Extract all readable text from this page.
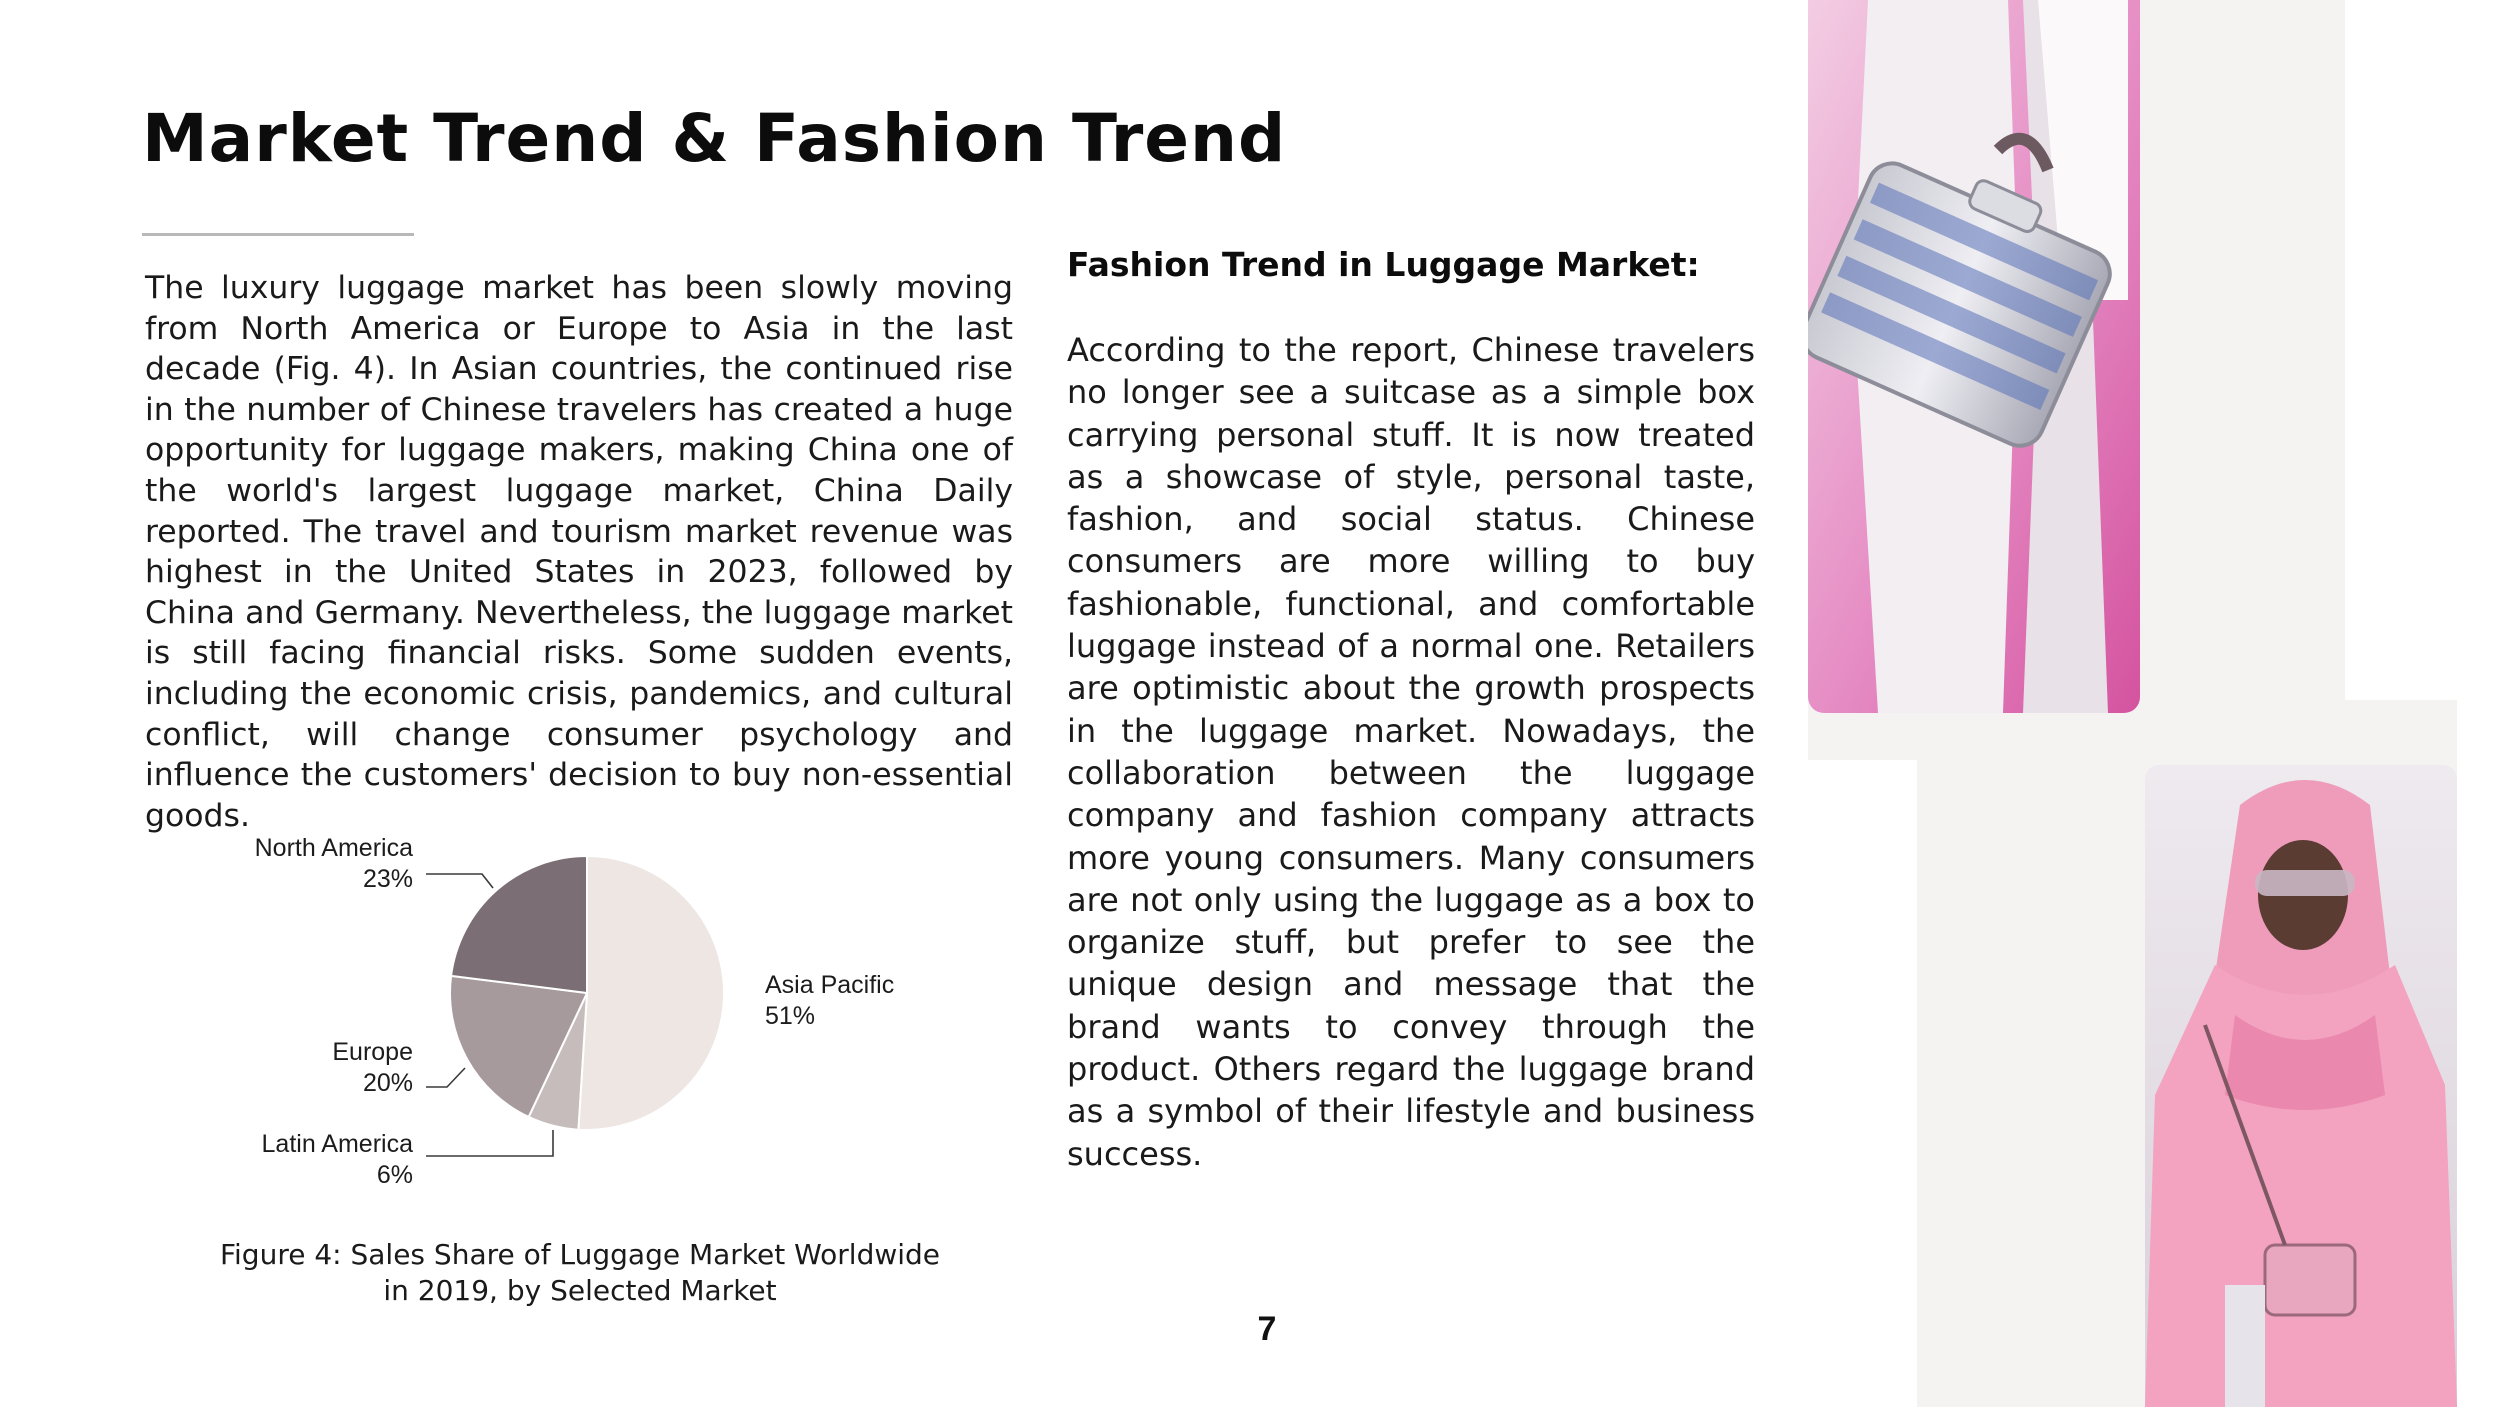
Market Trend & Fashion Trend

The luxury luggage market has been slowly moving from North America or Europe to Asia in the last decade (Fig. 4). In Asian countries, the continued rise in the number of Chinese travelers has created a huge opportunity for luggage makers, making China one of the world's largest luggage market, China Daily reported. The travel and tourism market revenue was highest in the United States in 2023, followed by China and Germany. Nevertheless, the luggage market is still facing financial risks. Some sudden events, including the economic crisis, pandemics, and cultural conflict, will change consumer psychology and influence the customers' decision to buy non-essential goods.

Asia Pacific 51%
Latin America 6%
Europe 20%
North America 23%

Figure 4: Sales Share of Luggage Market Worldwide
in 2019, by Selected Market

Fashion Trend in Luggage Market:

According to the report, Chinese travelers no longer see a suitcase as a simple box carrying personal stuff. It is now treated as a showcase of style, personal taste, fashion, and social status. Chinese consumers are more willing to buy fashionable, functional, and comfortable luggage instead of a normal one. Retailers are optimistic about the growth prospects in the luggage market. Nowadays, the collaboration between the luggage company and fashion company attracts more young consumers. Many consumers are not only using the luggage as a box to organize stuff, but prefer to see the unique design and message that the brand wants to convey through the product. Others regard the luggage brand as a symbol of their lifestyle and business success.

7
